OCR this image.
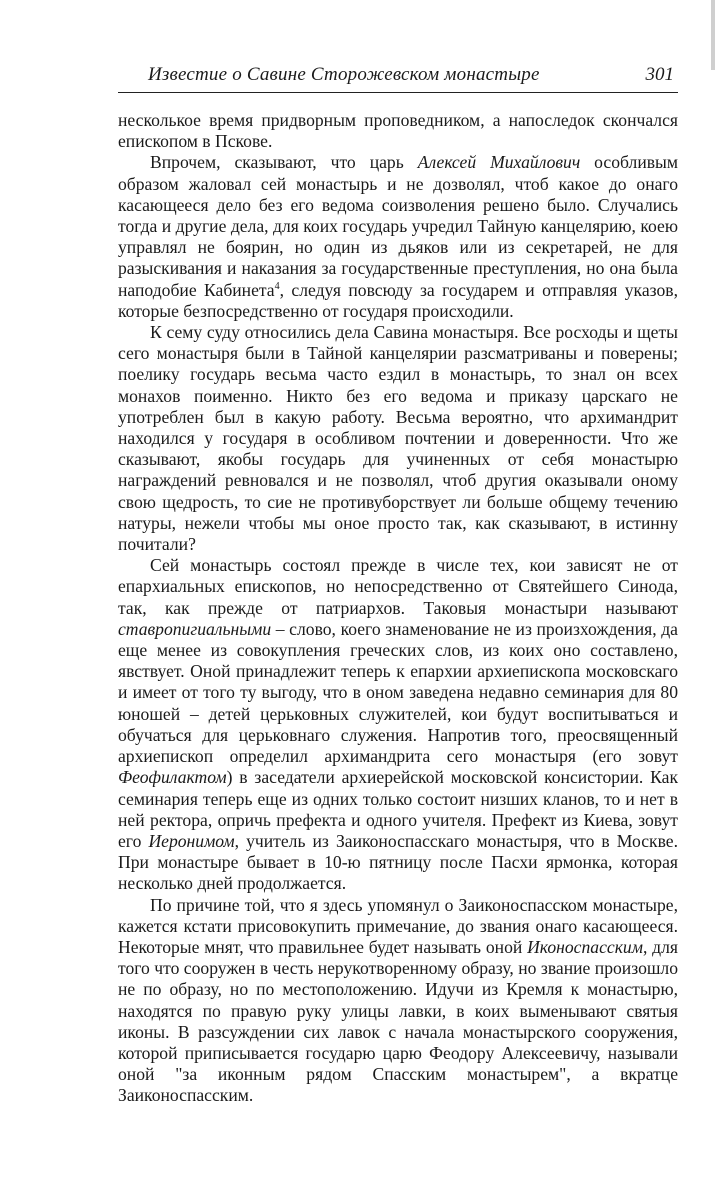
Известие о Савине Сторожевском монастыре	301

несколькое время придворным проповедником, а напоследок скончался епископом в Пскове.

Впрочем, сказывают, что царь Алексей Михайлович особливым образом жаловал сей монастырь и не дозволял, чтоб какое до онаго касающееся дело без его ведома соизволения решено было. Случались тогда и другие дела, для коих государь учредил Тайную канцелярию, коею управлял не боярин, но один из дьяков или из секретарей, не для разыскивания и наказания за государственные преступления, но она была наподобие Кабинета$^4$, следуя повсюду за государем и отправляя указов, которые безпосредственно от государя происходили.

К сему суду относились дела Савина монастыря. Все росходы и щеты сего монастыря были в Тайной канцелярии разсматриваны и поверены; поелику государь весьма часто ездил в монастырь, то знал он всех монахов поименно. Никто без его ведома и приказу царскаго не употреблен был в какую работу. Весьма вероятно, что архимандрит находился у государя в особливом почтении и доверенности. Что же сказывают, якобы государь для учиненных от себя монастырю награждений ревновался и не позволял, чтоб другия оказывали оному свою щедрость, то сие не противуборствует ли больше общему течению натуры, нежели чтобы мы оное просто так, как сказывают, в истинну почитали?

Сей монастырь состоял прежде в числе тех, кои зависят не от епархиальных епископов, но непосредственно от Святейшего Синода, так, как прежде от патриархов. Таковыя монастыри называют ставропигиальными – слово, коего знаменование не из произхождения, да еще менее из совокупления греческих слов, из коих оно составлено, явствует. Оной принадлежит теперь к епархии архиепископа московскаго и имеет от того ту выгоду, что в оном заведена недавно семинария для 80 юношей – детей церьковных служителей, кои будут воспитываться и обучаться для церьковнаго служения. Напротив того, преосвященный архиепископ определил архимандрита сего монастыря (его зовут Феофилактом) в заседатели архиерейской московской консистории. Как семинария теперь еще из одних только состоит низших кланов, то и нет в ней ректора, опричь префекта и одного учителя. Префект из Киева, зовут его Иеронимом, учитель из Заиконоспасскаго монастыря, что в Москве. При монастыре бывает в 10-ю пятницу после Пасхи ярмонка, которая несколько дней продолжается.

По причине той, что я здесь упомянул о Заиконоспасском монастыре, кажется кстати присовокупить примечание, до звания онаго касающееся. Некоторые мнят, что правильнее будет называть оной Иконоспасским, для того что сооружен в честь нерукотворенному образу, но звание произошло не по образу, но по местоположению. Идучи из Кремля к монастырю, находятся по правую руку улицы лавки, в коих выменывают святыя иконы. В разсуждении сих лавок с начала монастырского сооружения, которой приписывается государю царю Феодору Алексеевичу, называли оной "за иконным рядом Спасским монастырем", а вкратце Заиконоспасским.
